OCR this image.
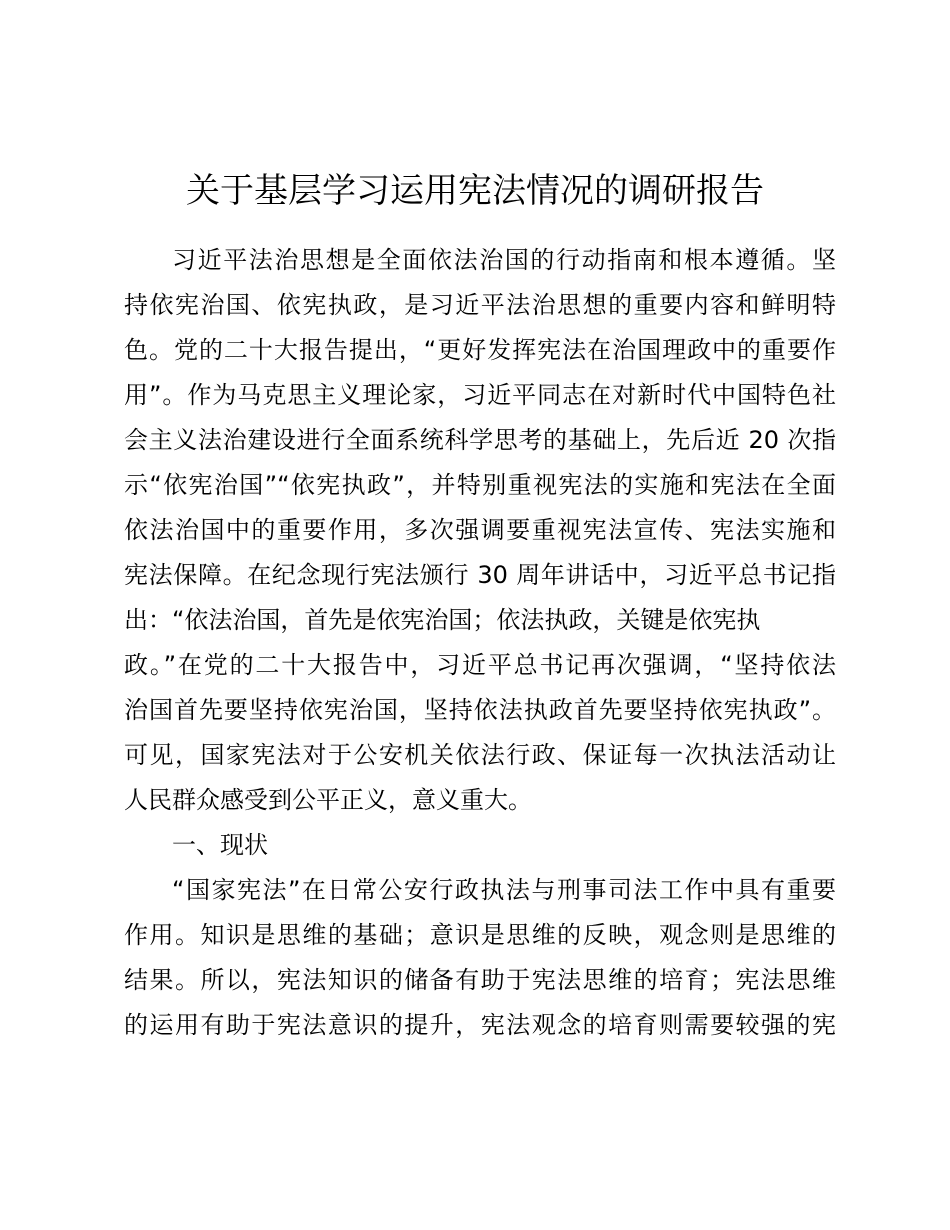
关于基层学习运用宪法情况的调研报告
习近平法治思想是全面依法治国的行动指南和根本遵循。坚
持依宪治国、依宪执政，是习近平法治思想的重要内容和鲜明特
色。党的二十大报告提出，“更好发挥宪法在治国理政中的重要作
用”。作为马克思主义理论家，习近平同志在对新时代中国特色社
会主义法治建设进行全面系统科学思考的基础上，先后近 20 次指
示“依宪治国”“依宪执政”，并特别重视宪法的实施和宪法在全面
依法治国中的重要作用，多次强调要重视宪法宣传、宪法实施和
宪法保障。在纪念现行宪法颁行 30 周年讲话中，习近平总书记指
出：“依法治国，首先是依宪治国；依法执政，关键是依宪执
政。”在党的二十大报告中，习近平总书记再次强调，“坚持依法
治国首先要坚持依宪治国，坚持依法执政首先要坚持依宪执政”。
可见，国家宪法对于公安机关依法行政、保证每一次执法活动让
人民群众感受到公平正义，意义重大。
一、现状
“国家宪法”在日常公安行政执法与刑事司法工作中具有重要
作用。知识是思维的基础；意识是思维的反映，观念则是思维的
结果。所以，宪法知识的储备有助于宪法思维的培育；宪法思维
的运用有助于宪法意识的提升，宪法观念的培育则需要较强的宪
